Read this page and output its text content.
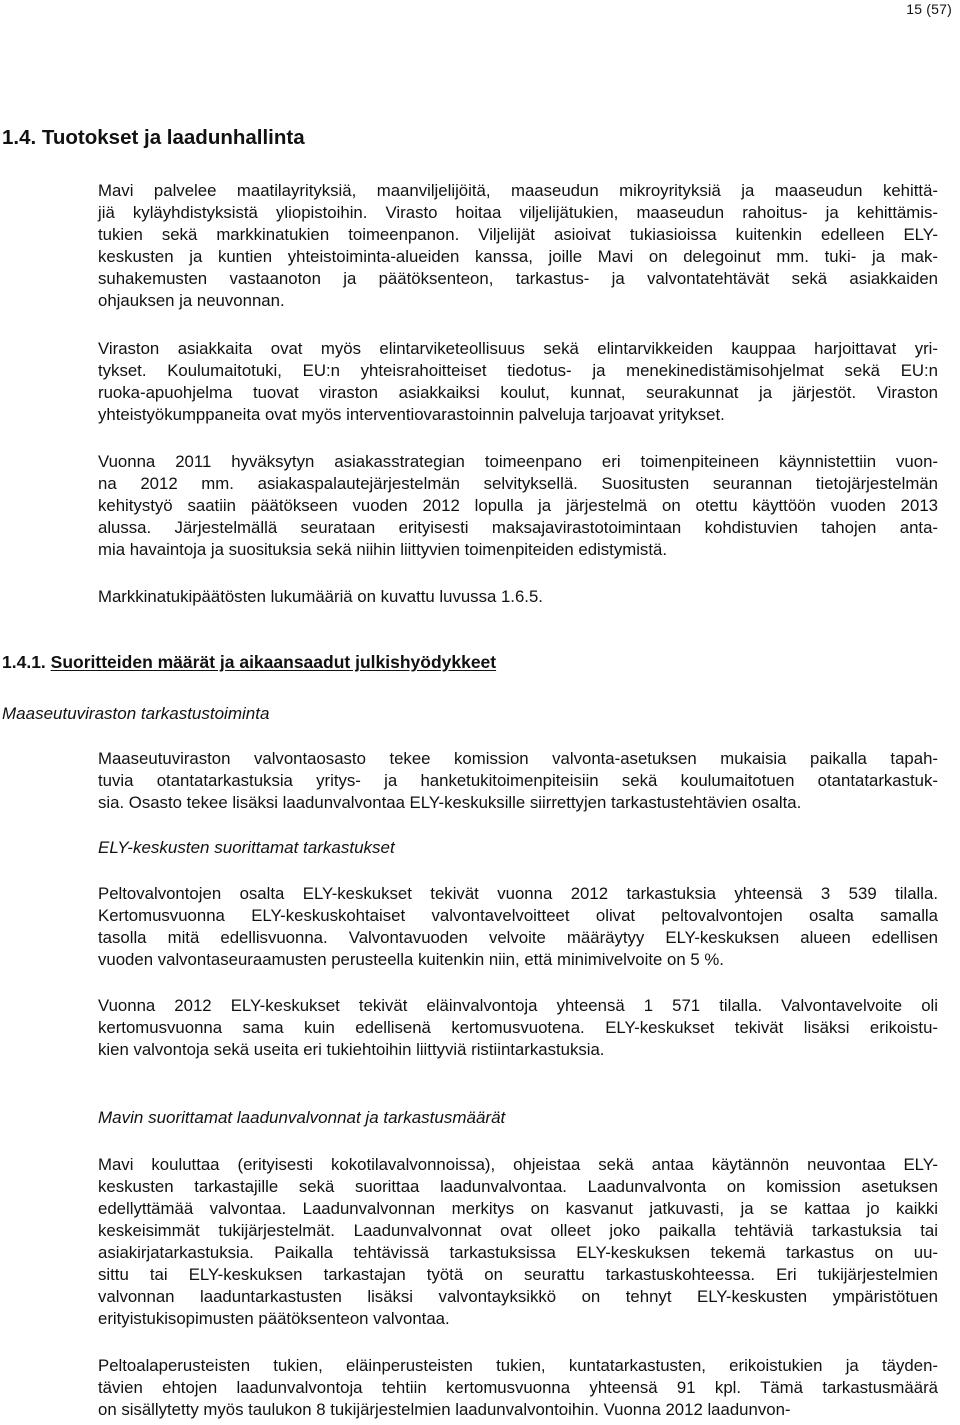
15 (57)
1.4. Tuotokset ja laadunhallinta
Mavi palvelee maatilayrityksiä, maanviljelijöitä, maaseudun mikroyrityksiä ja maaseudun kehittä-
jiä kyläyhdistyksistä yliopistoihin. Virasto hoitaa viljelijätukien, maaseudun rahoitus- ja kehittämis-
tukien sekä markkinatukien toimeenpanon. Viljelijät asioivat tukiasioissa kuitenkin edelleen ELY-
keskusten ja kuntien yhteistoiminta-alueiden kanssa, joille Mavi on delegoinut mm. tuki- ja mak-
suhakemusten vastaanoton ja päätöksenteon, tarkastus- ja valvontatehtävät sekä asiakkaiden
ohjauksen ja neuvonnan.
Viraston asiakkaita ovat myös elintarviketeollisuus sekä elintarvikkeiden kauppaa harjoittavat yri-
tykset. Koulumaitotuki, EU:n yhteisrahoitteiset tiedotus- ja menekinedistämisohjelmat sekä EU:n
ruoka-apuohjelma tuovat viraston asiakkaiksi koulut, kunnat, seurakunnat ja järjestöt. Viraston
yhteistyökumppaneita ovat myös interventiovarastoinnin palveluja tarjoavat yritykset.
Vuonna 2011 hyväksytyn asiakasstrategian toimeenpano eri toimenpiteineen käynnistettiin vuon-
na 2012 mm. asiakaspalautejärjestelmän selvityksellä. Suositusten seurannan tietojärjestelmän
kehitystyö saatiin päätökseen vuoden 2012 lopulla ja järjestelmä on otettu käyttöön vuoden 2013
alussa. Järjestelmällä seurataan erityisesti maksajavirastotoimintaan kohdistuvien tahojen anta-
mia havaintoja ja suosituksia sekä niihin liittyvien toimenpiteiden edistymistä.
Markkinatukipäätösten lukumääriä on kuvattu luvussa 1.6.5.
1.4.1. Suoritteiden määrät ja aikaansaadut julkishyödykkeet
Maaseutuviraston tarkastustoiminta
Maaseutuviraston valvontaosasto tekee komission valvonta-asetuksen mukaisia paikalla tapah-
tuvia otantatarkastuksia yritys- ja hanketukitoimenpiteisiin sekä koulumaitotuen otantatarkastuk-
sia. Osasto tekee lisäksi laadunvalvontaa ELY-keskuksille siirrettyjen tarkastustehtävien osalta.
ELY-keskusten suorittamat tarkastukset
Peltovalvontojen osalta ELY-keskukset tekivät vuonna 2012 tarkastuksia yhteensä 3 539 tilalla.
Kertomusvuonna ELY-keskuskohtaiset valvontavelvoitteet olivat peltovalvontojen osalta samalla
tasolla mitä edellisvuonna. Valvontavuoden velvoite määräytyy ELY-keskuksen alueen edellisen
vuoden valvontaseuraamusten perusteella kuitenkin niin, että minimivelvoite on 5 %.
Vuonna 2012 ELY-keskukset tekivät eläinvalvontoja yhteensä 1 571 tilalla. Valvontavelvoite oli
kertomusvuonna sama kuin edellisenä kertomusvuotena. ELY-keskukset tekivät lisäksi erikoistu-
kien valvontoja sekä useita eri tukiehtoihin liittyviä ristiintarkastuksia.
Mavin suorittamat laadunvalvonnat ja tarkastusmäärät
Mavi kouluttaa (erityisesti kokotilavalvonnoissa), ohjeistaa sekä antaa käytännön neuvontaa ELY-
keskusten tarkastajille sekä suorittaa laadunvalvontaa. Laadunvalvonta on komission asetuksen
edellyttämää valvontaa. Laadunvalvonnan merkitys on kasvanut jatkuvasti, ja se kattaa jo kaikki
keskeisimmät tukijärjestelmät. Laadunvalvonnat ovat olleet joko paikalla tehtäviä tarkastuksia tai
asiakirjatarkastuksia. Paikalla tehtävissä tarkastuksissa ELY-keskuksen tekemä tarkastus on uu-
sittu tai ELY-keskuksen tarkastajan työtä on seurattu tarkastuskohteessa. Eri tukijärjestelmien
valvonnan laaduntarkastusten lisäksi valvontayksikkö on tehnyt ELY-keskusten ympäristötuen
erityistukisopimusten päätöksenteon valvontaa.
Peltoalaperusteisten tukien, eläinperusteisten tukien, kuntatarkastusten, erikoistukien ja täyden-
tävien ehtojen laadunvalvontoja tehtiin kertomusvuonna yhteensä 91 kpl. Tämä tarkastusmäärä
on sisällytetty myös taulukon 8 tukijärjestelmien laadunvalvontoihin. Vuonna 2012 laadunvon-
